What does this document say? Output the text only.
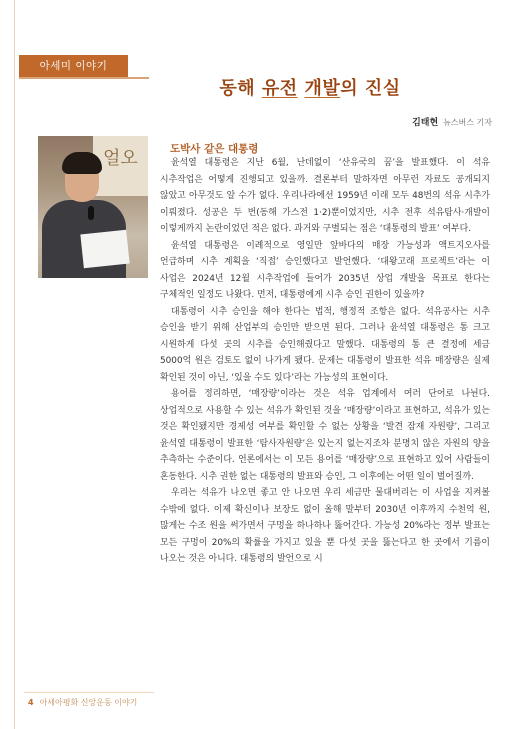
아세미 이야기
동해 유전 개발의 진실
김태현 뉴스버스 기자
얼오	도박사 같은 대통령

윤석열 대통령은 지난 6월, 난데없이 ‘산유국의 꿈’을 발표했다. 이 석유 시추작업은 어떻게 진행되고 있을까. 결론부터 말하자면 아무런 자료도 공개되지 않았고 아무것도 알 수가 없다. 우리나라에선 1959년 이래 모두 48번의 석유 시추가 이뤄졌다. 성공은 두 번(동해 가스전 1·2)뿐이었지만, 시추 전후 석유탐사·개발이 이렇게까지 논란이었던 적은 없다. 과거와 구별되는 점은 ‘대통령의 발표’ 여부다.

윤석열 대통령은 이례적으로 영일만 앞바다의 매장 가능성과 액트지오사를 언급하며 시추 계획을 ‘직접’ 승인했다고 발언했다. ‘대왕고래 프로젝트’라는 이 사업은 2024년 12월 시추작업에 들어가 2035년 상업 개발을 목표로 한다는 구체적인 일정도 나왔다. 먼저, 대통령에게 시추 승인 권한이 있을까?

대통령이 시추 승인을 해야 한다는 법적, 행정적 조항은 없다. 석유공사는 시추 승인을 받기 위해 산업부의 승인만 받으면 된다. 그러나 윤석열 대통령은 통 크고 시원하게 다섯 곳의 시추를 승인해줬다고 말했다. 대통령의 통 큰 결정에 세금 5000억 원은 검토도 없이 나가게 됐다. 문제는 대통령이 발표한 석유 매장량은 실제 확인된 것이 아닌, ‘있을 수도 있다’라는 가능성의 표현이다.

용어를 정리하면, ‘매장량’이라는 것은 석유 업계에서 여러 단어로 나뉜다. 상업적으로 사용할 수 있는 석유가 확인된 것을 ‘매장량’이라고 표현하고, 석유가 있는 것은 확인됐지만 경제성 여부를 확인할 수 없는 상황을 ‘발견 잠재 자원량’, 그리고 윤석열 대통령이 발표한 ‘탐사자원량’은 있는지 없는지조차 분명치 않은 자원의 양을 추측하는 수준이다. 언론에서는 이 모든 용어를 ‘매장량’으로 표현하고 있어 사람들이 혼동한다. 시추 권한 없는 대통령의 발표와 승인, 그 이후에는 어떤 일이 벌어질까.

우리는 석유가 나오면 좋고 안 나오면 우리 세금만 물대버리는 이 사업을 지켜볼 수밖에 없다. 이제 확신이나 보장도 없이 올해 말부터 2030년 이후까지 수천억 원, 많게는 수조 원을 써가면서 구멍을 하나하나 뚫어간다. 가능성 20%라는 정부 발표는 모든 구멍이 20%의 확률을 가지고 있을 뿐 다섯 곳을 뚫는다고 한 곳에서 기름이 나오는 것은 아니다. 대통령의 발언으로 시

4 아세아평화 신앙운동 이야기
